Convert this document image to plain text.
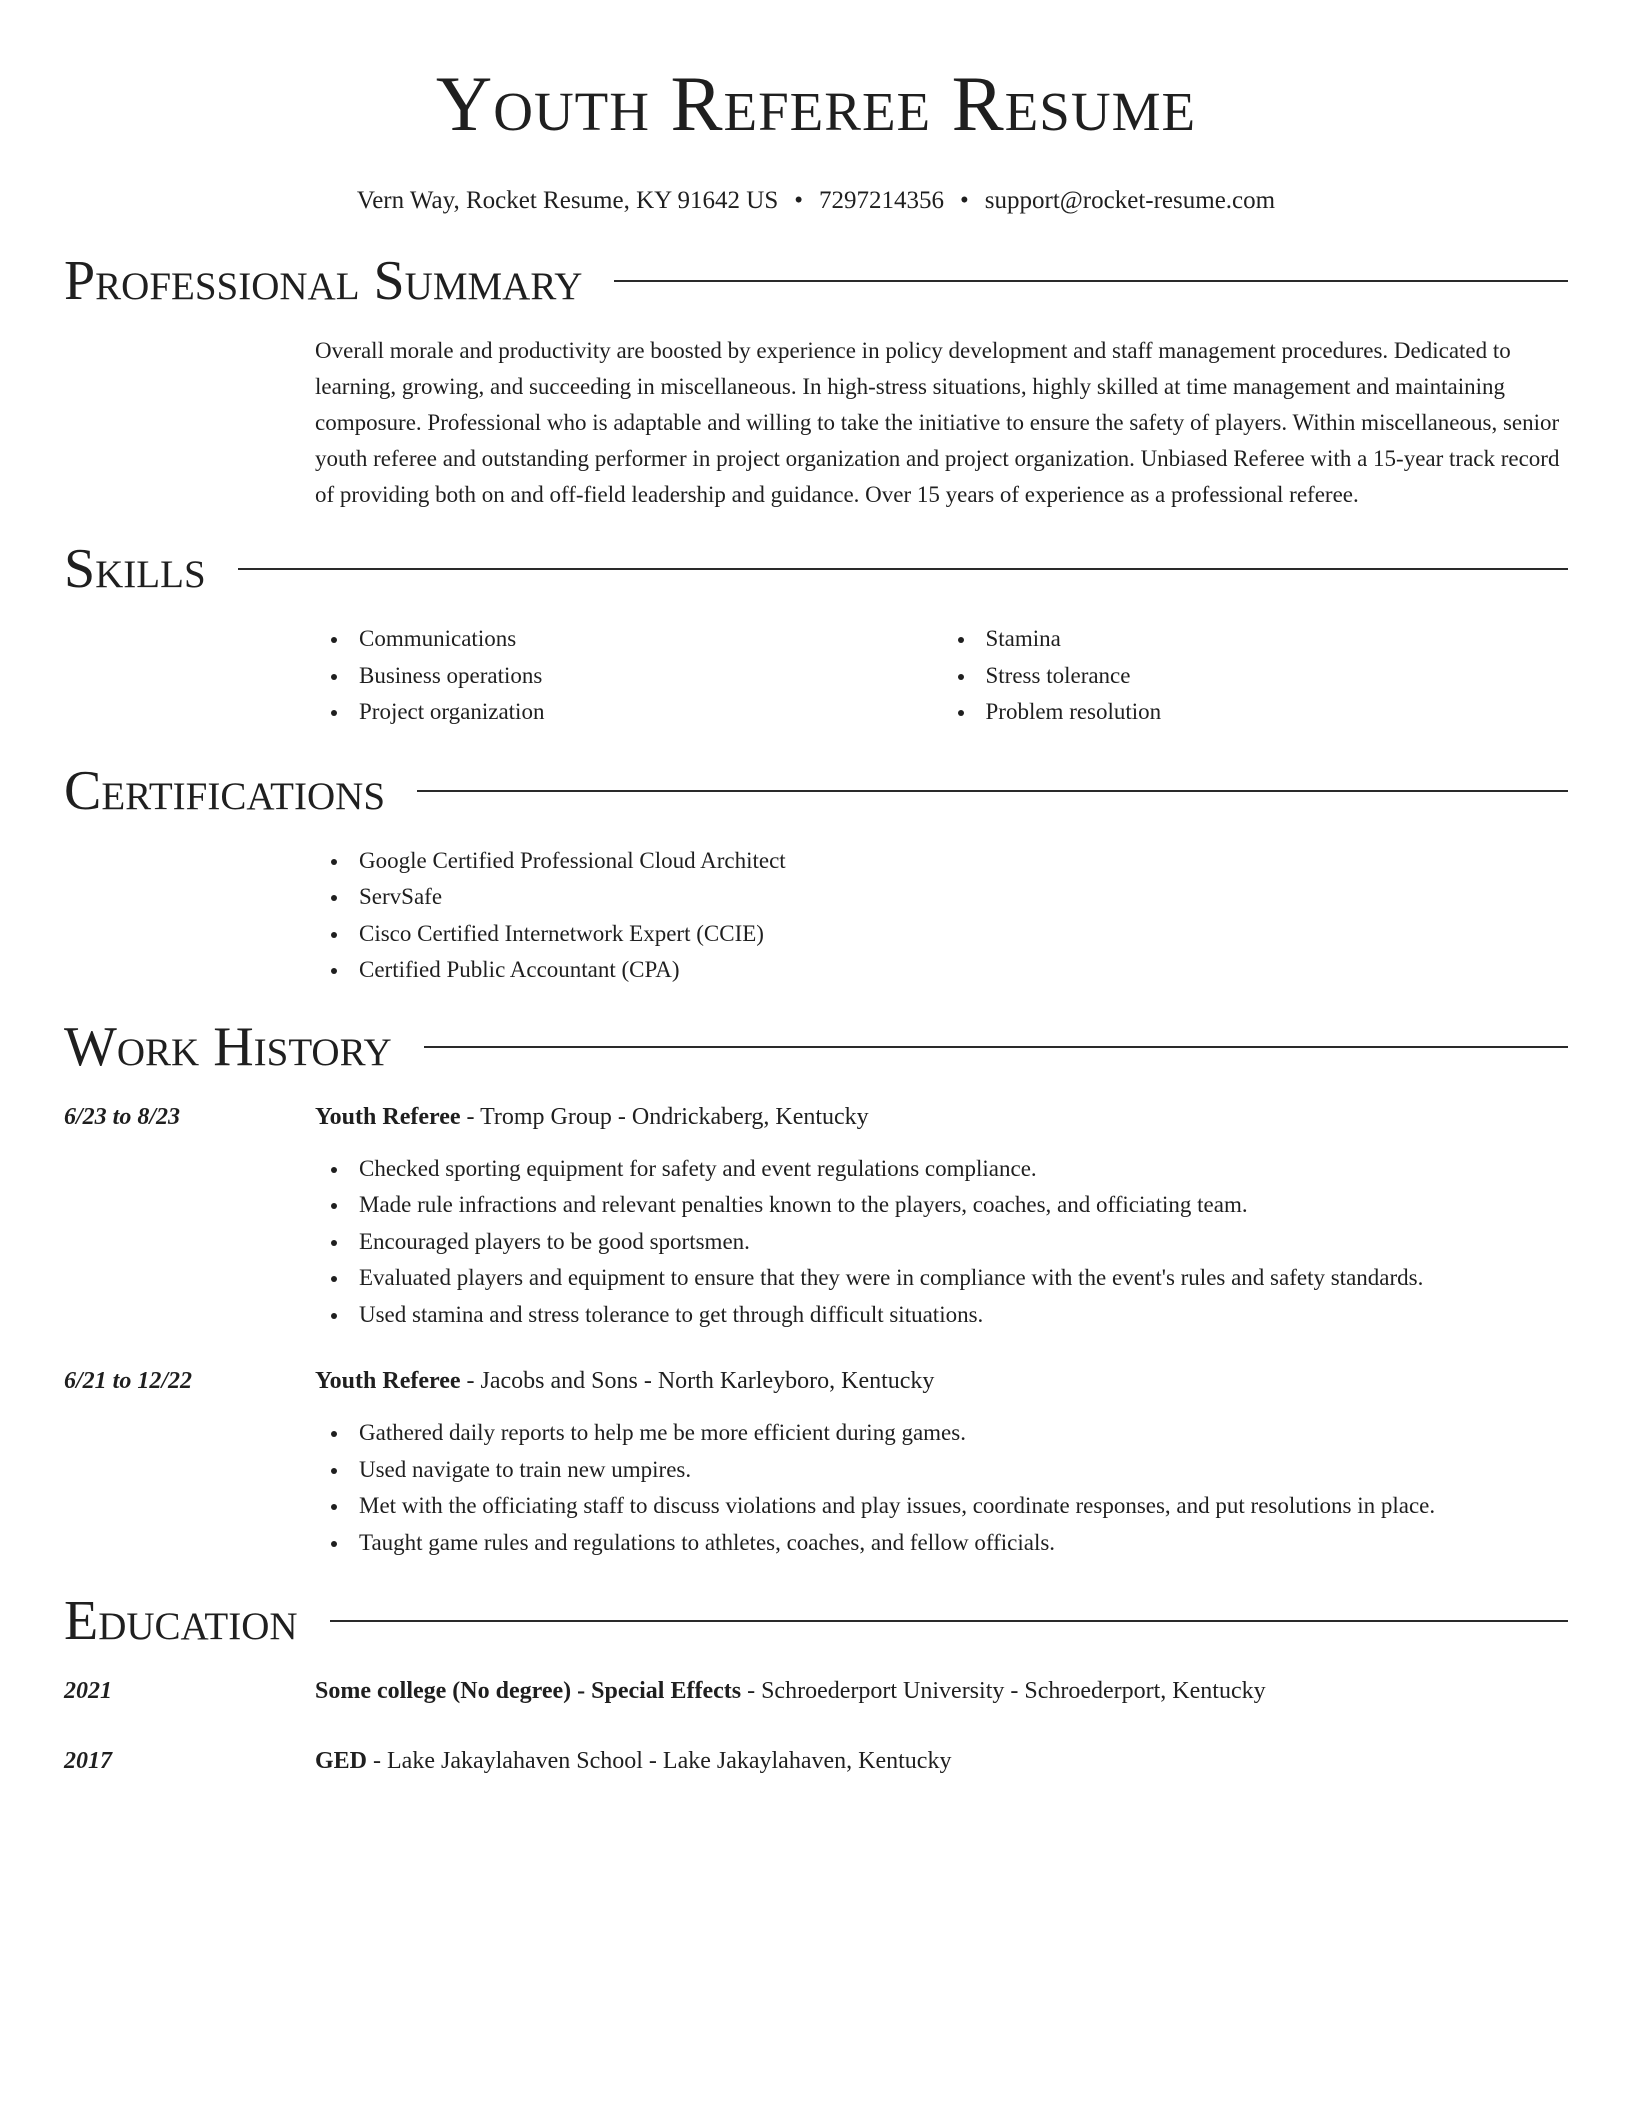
Youth Referee Resume
Vern Way, Rocket Resume, KY 91642 US • 7297214356 • support@rocket-resume.com
Professional Summary

Overall morale and productivity are boosted by experience in policy development and staff management procedures. Dedicated to learning, growing, and succeeding in miscellaneous. In high-stress situations, highly skilled at time management and maintaining composure. Professional who is adaptable and willing to take the initiative to ensure the safety of players. Within miscellaneous, senior youth referee and outstanding performer in project organization and project organization. Unbiased Referee with a 15-year track record of providing both on and off-field leadership and guidance. Over 15 years of experience as a professional referee.

Skills
Communications
Business operations
Project organization
Stamina
Stress tolerance
Problem resolution
Certifications
Google Certified Professional Cloud Architect
ServSafe
Cisco Certified Internetwork Expert (CCIE)
Certified Public Accountant (CPA)
Work History
6/23 to 8/23	Youth Referee - Tromp Group - Ondrickaberg, Kentucky
Checked sporting equipment for safety and event regulations compliance.
Made rule infractions and relevant penalties known to the players, coaches, and officiating team.
Encouraged players to be good sportsmen.
Evaluated players and equipment to ensure that they were in compliance with the event's rules and safety standards.
Used stamina and stress tolerance to get through difficult situations.
6/21 to 12/22	Youth Referee - Jacobs and Sons - North Karleyboro, Kentucky
Gathered daily reports to help me be more efficient during games.
Used navigate to train new umpires.
Met with the officiating staff to discuss violations and play issues, coordinate responses, and put resolutions in place.
Taught game rules and regulations to athletes, coaches, and fellow officials.
Education
2021	Some college (No degree) - Special Effects - Schroederport University - Schroederport, Kentucky
2017	GED - Lake Jakaylahaven School - Lake Jakaylahaven, Kentucky
